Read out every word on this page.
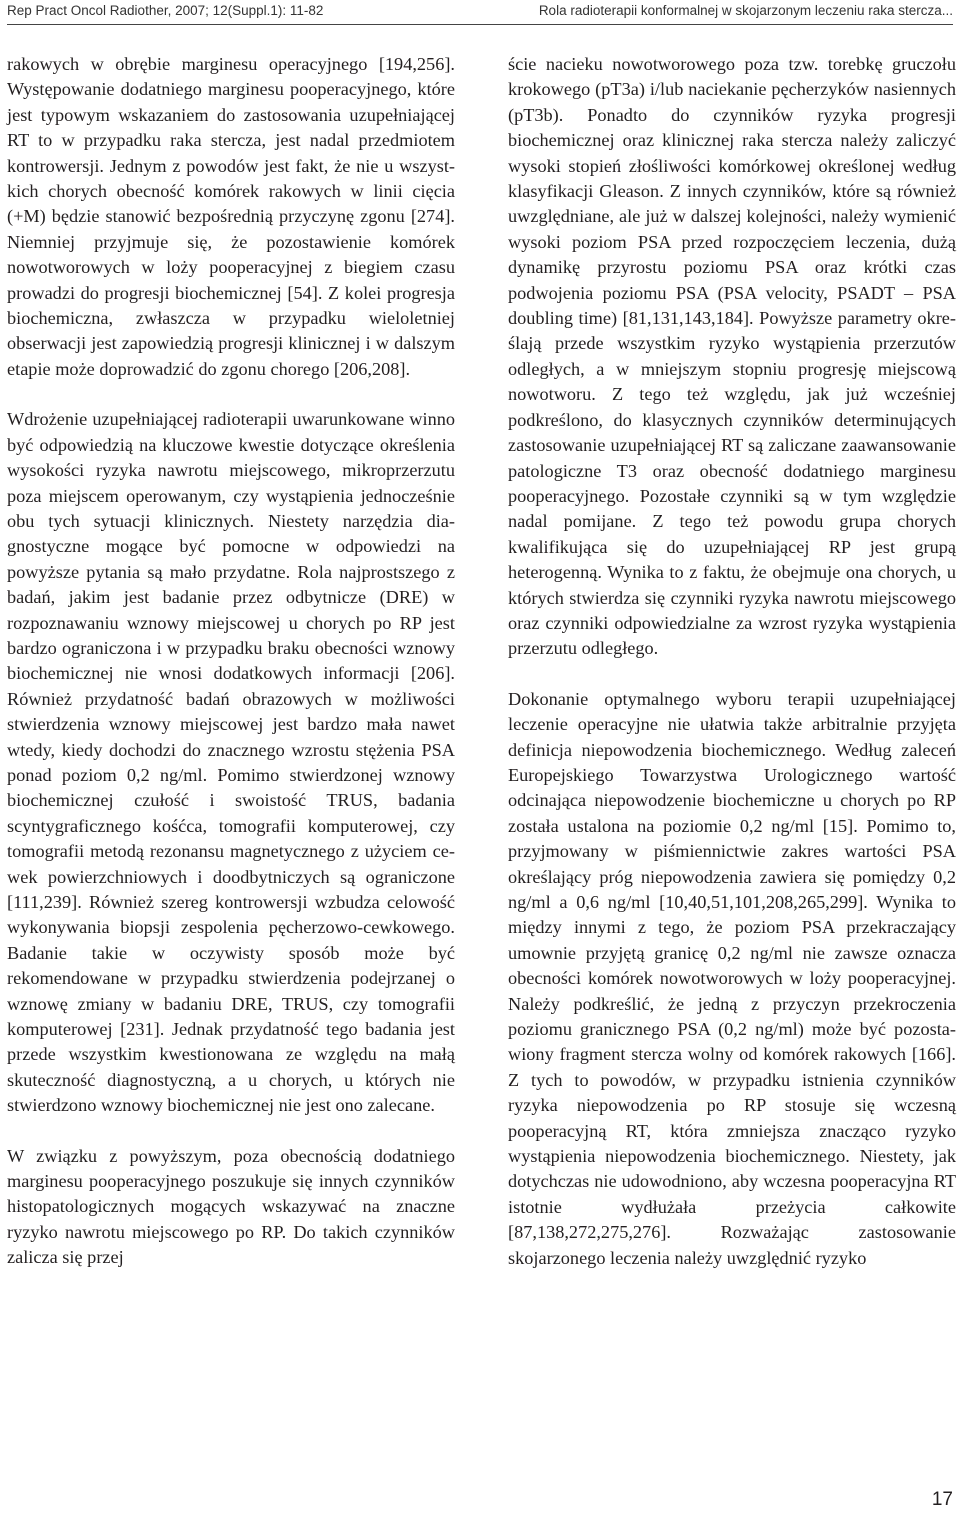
Rep Pract Oncol Radiother, 2007; 12(Suppl.1): 11-82	Rola radioterapii konformalnej w skojarzonym leczeniu raka stercza...

rakowych w obrębie marginesu operacyjnego [194,256]. Występowanie dodatniego marginesu pooperacyjnego, które jest typowym wskazaniem do zastosowania uzupełniającej RT to w przypadku raka stercza, jest nadal przedmiotem kontrowersji. Jednym z powodów jest fakt, że nie u wszystkich chorych obecność komórek rakowych w linii cięcia (+M) będzie stanowić bezpośrednią przyczynę zgonu [274]. Niemniej przyjmuje się, że pozostawienie komórek nowotworowych w loży pooperacyjnej z biegiem czasu prowadzi do progresji biochemicznej [54]. Z kolei progresja biochemiczna, zwłaszcza w przypadku wieloletniej obserwacji jest zapowiedzią progresji klinicznej i w dalszym etapie może doprowadzić do zgonu chorego [206,208].

Wdrożenie uzupełniającej radioterapii uwarunkowane winno być odpowiedzią na kluczowe kwestie dotyczące określenia wysokości ryzyka nawrotu miejscowego, mikroprzerzutu poza miejscem operowanym, czy wystąpienia jednocześnie obu tych sytuacji klinicznych. Niestety narzędzia diagnostyczne mogące być pomocne w odpowiedzi na powyższe pytania są mało przydatne. Rola najprostszego z badań, jakim jest badanie przez odbytnicze (DRE) w rozpoznawaniu wznowy miejscowej u chorych po RP jest bardzo ograniczona i w przypadku braku obecności wznowy biochemicznej nie wnosi dodatkowych informacji [206]. Również przydatność badań obrazowych w możliwości stwierdzenia wznowy miejscowej jest bardzo mała nawet wtedy, kiedy dochodzi do znacznego wzrostu stężenia PSA ponad poziom 0,2 ng/ml. Pomimo stwierdzonej wznowy biochemicznej czułość i swoistość TRUS, badania scyntygraficznego kośćca, tomografii komputerowej, czy tomografii metodą rezonansu magnetycznego z użyciem cewek powierzchniowych i doodbytniczych są ograniczone [111,239]. Również szereg kontrowersji wzbudza celowość wykonywania biopsji zespolenia pęcherzowo-cewkowego. Badanie takie w oczywisty sposób może być rekomendowane w przypadku stwierdzenia podejrzanej o wznowę zmiany w badaniu DRE, TRUS, czy tomografii komputerowej [231]. Jednak przydatność tego badania jest przede wszystkim kwestionowana ze względu na małą skuteczność diagnostyczną, a u chorych, u których nie stwierdzono wznowy biochemicznej nie jest ono zalecane.

W związku z powyższym, poza obecnością dodatniego marginesu pooperacyjnego poszukuje się innych czynników histopatologicznych mogących wskazywać na znaczne ryzyko nawrotu miejscowego po RP. Do takich czynników zalicza się przej

ście nacieku nowotworowego poza tzw. torebkę gruczołu krokowego (pT3a) i/lub naciekanie pęcherzyków nasiennych (pT3b). Ponadto do czynników ryzyka progresji biochemicznej oraz klinicznej raka stercza należy zaliczyć wysoki stopień złośliwości komórkowej określonej według klasyfikacji Gleason. Z innych czynników, które są również uwzględniane, ale już w dalszej kolejności, należy wymienić wysoki poziom PSA przed rozpoczęciem leczenia, dużą dynamikę przyrostu poziomu PSA oraz krótki czas podwojenia poziomu PSA (PSA velocity, PSADT – PSA doubling time) [81,131,143,184]. Powyższe parametry określają przede wszystkim ryzyko wystąpienia przerzutów odległych, a w mniejszym stopniu progresję miejscową nowotworu. Z tego też względu, jak już wcześniej podkreślono, do klasycznych czynników determinujących zastosowanie uzupełniającej RT są zaliczane zaawansowanie patologiczne T3 oraz obecność dodatniego marginesu pooperacyjnego. Pozostałe czynniki są w tym względzie nadal pomijane. Z tego też powodu grupa chorych kwalifikująca się do uzupełniającej RP jest grupą heterogenną. Wynika to z faktu, że obejmuje ona chorych, u których stwierdza się czynniki ryzyka nawrotu miejscowego oraz czynniki odpowiedzialne za wzrost ryzyka wystąpienia przerzutu odległego.

Dokonanie optymalnego wyboru terapii uzupełniającej leczenie operacyjne nie ułatwia także arbitralnie przyjęta definicja niepowodzenia biochemicznego. Według zaleceń Europejskiego Towarzystwa Urologicznego wartość odcinająca niepowodzenie biochemiczne u chorych po RP została ustalona na poziomie 0,2 ng/ml [15]. Pomimo to, przyjmowany w piśmiennictwie zakres wartości PSA określający próg niepowodzenia zawiera się pomiędzy 0,2 ng/ml a 0,6 ng/ml [10,40,51,101,208,265,299]. Wynika to między innymi z tego, że poziom PSA przekraczający umownie przyjętą granicę 0,2 ng/ml nie zawsze oznacza obecności komórek nowotworowych w loży pooperacyjnej. Należy podkreślić, że jedną z przyczyn przekroczenia poziomu granicznego PSA (0,2 ng/ml) może być pozostawiony fragment stercza wolny od komórek rakowych [166]. Z tych to powodów, w przypadku istnienia czynników ryzyka niepowodzenia po RP stosuje się wczesną pooperacyjną RT, która zmniejsza znacząco ryzyko wystąpienia niepowodzenia biochemicznego. Niestety, jak dotychczas nie udowodniono, aby wczesna pooperacyjna RT istotnie wydłużała przeżycia całkowite [87,138,272,275,276]. Rozważając zastosowanie skojarzonego leczenia należy uwzględnić ryzyko

17
